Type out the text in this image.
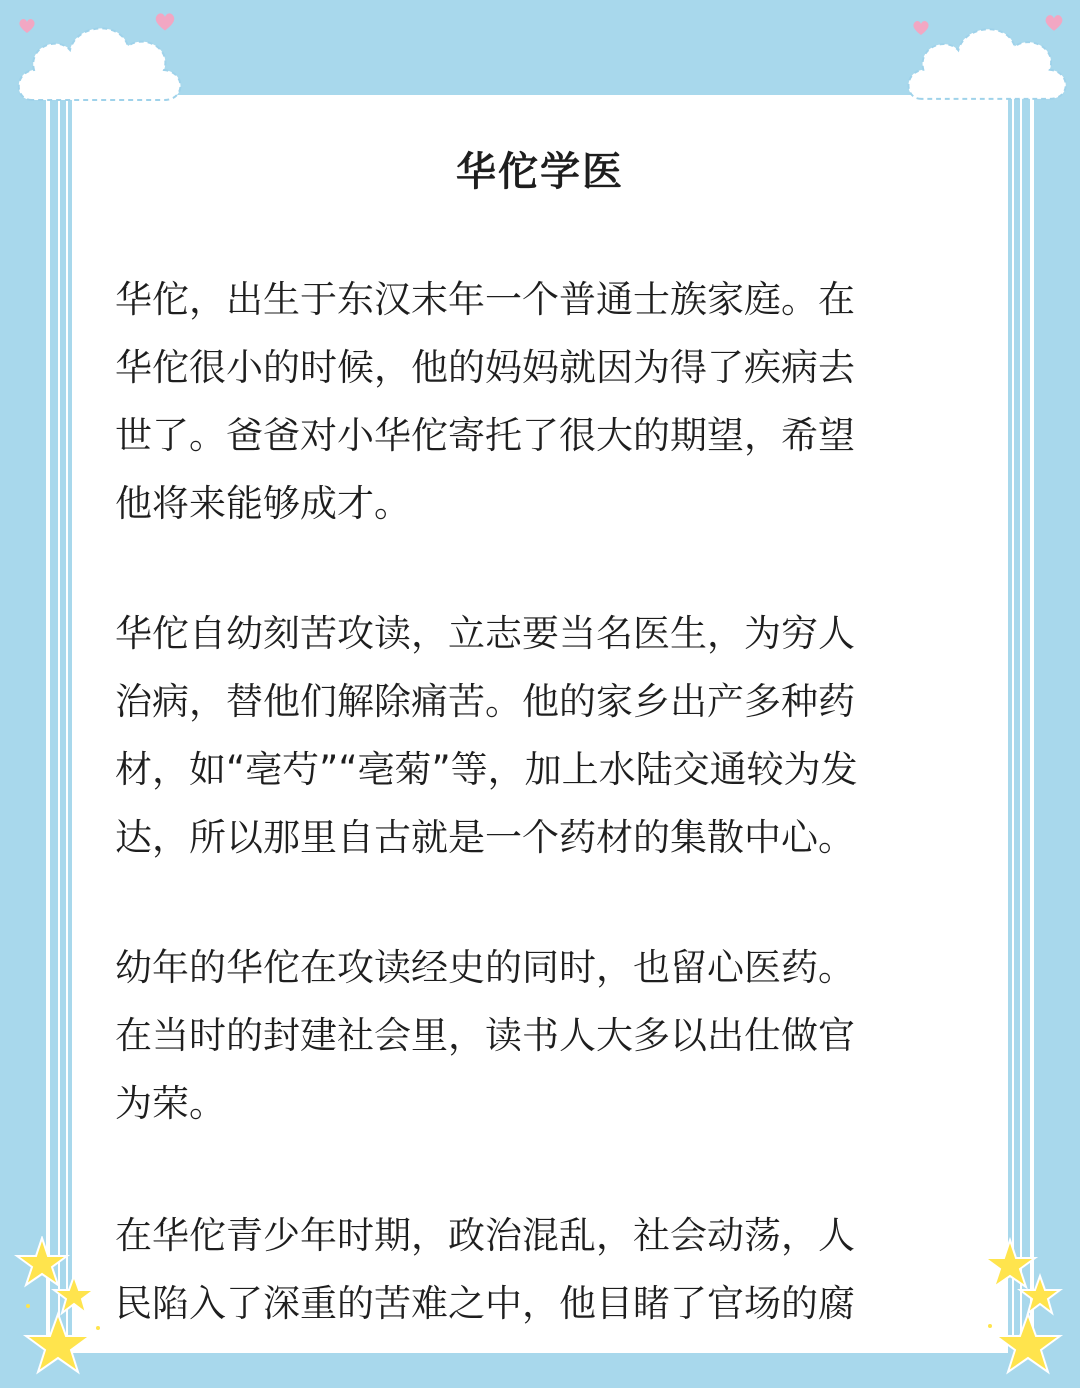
华佗学医
华佗，出生于东汉末年一个普通士族家庭。在
华佗很小的时候，他的妈妈就因为得了疾病去
世了。爸爸对小华佗寄托了很大的期望，希望
他将来能够成才。
华佗自幼刻苦攻读，立志要当名医生，为穷人
治病，替他们解除痛苦。他的家乡出产多种药
材，如“亳芍”“亳菊”等，加上水陆交通较为发
达，所以那里自古就是一个药材的集散中心。
幼年的华佗在攻读经史的同时，也留心医药。
在当时的封建社会里，读书人大多以出仕做官
为荣。
在华佗青少年时期，政治混乱，社会动荡，人
民陷入了深重的苦难之中，他目睹了官场的腐
